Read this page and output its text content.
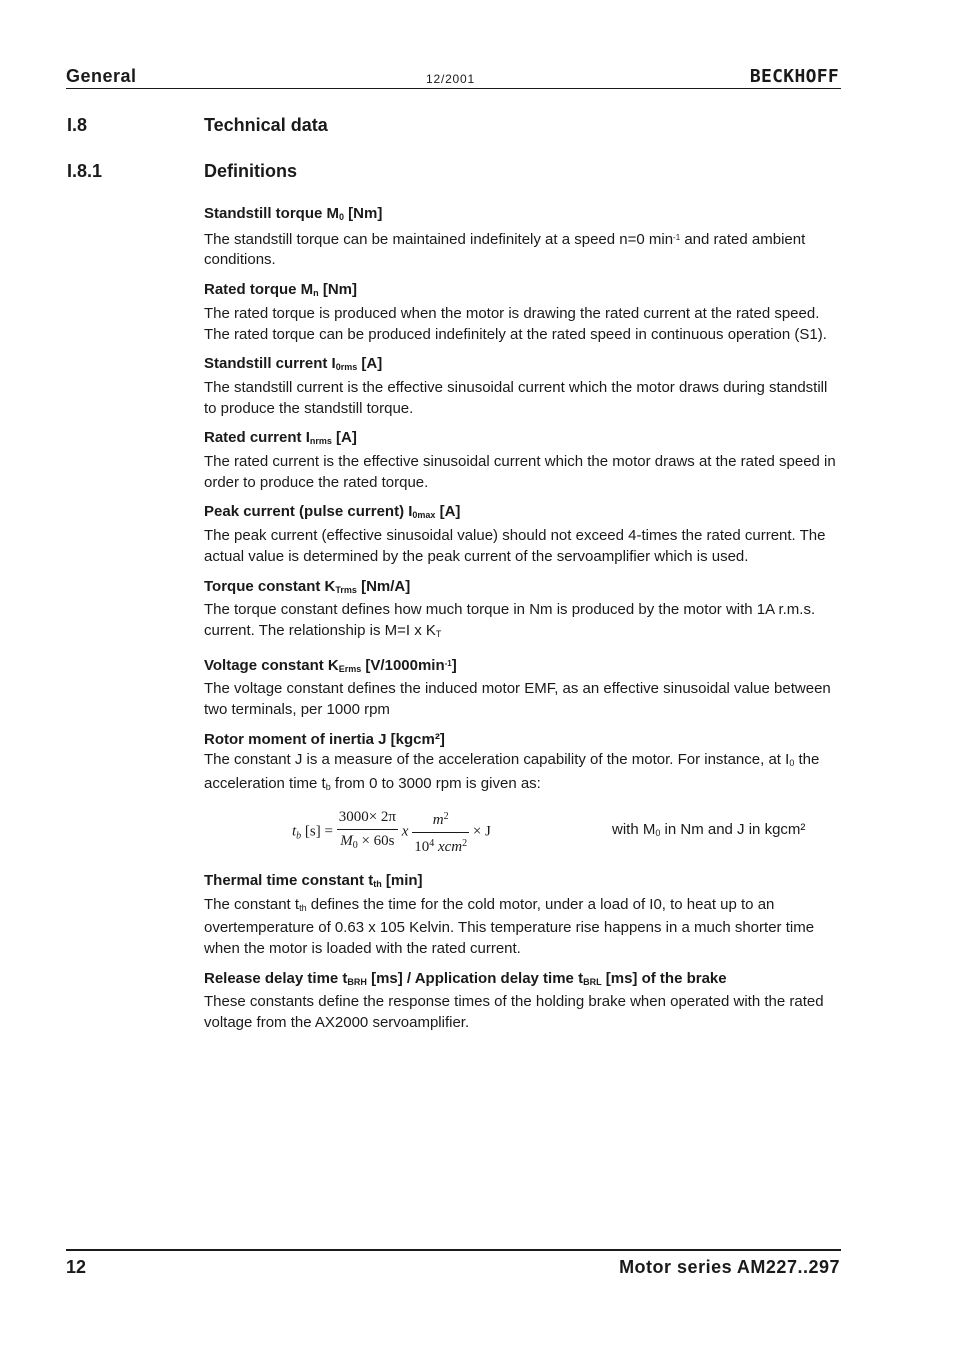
General	12/2001	BECKHOFF
I.8	Technical data
I.8.1	Definitions
Standstill torque $M_0$ [Nm]
The standstill torque can be maintained indefinitely at a speed n=0 $\min^{-1}$ and rated ambient conditions.
Rated torque $M_n$ [Nm]
The rated torque is produced when the motor is drawing the rated current at the rated speed. The rated torque can be produced indefinitely at the rated speed in continuous operation (S1).
Standstill current $I_{0rms}$ [A]
The standstill current is the effective sinusoidal current which the motor draws during standstill to produce the standstill torque.
Rated current $I_{nrms}$ [A]
The rated current is the effective sinusoidal current which the motor draws at the rated speed in order to produce the rated torque.
Peak current (pulse current) $I_{0max}$ [A]
The peak current (effective sinusoidal value) should not exceed 4-times the rated current. The actual value is determined by the peak current of the servoamplifier which is used.
Torque constant $K_{Trms}$ [Nm/A]
The torque constant defines how much torque in Nm is produced by the motor with 1A r.m.s. current. The relationship is M=I x $K_T$
Voltage constant $K_{Erms}$ $[V/1000\min^{-1}]$
The voltage constant defines the induced motor EMF, as an effective sinusoidal value between two terminals, per 1000 rpm
Rotor moment of inertia J [kgcm²]
The constant J is a measure of the acceleration capability of the motor. For instance, at $I_0$ the acceleration time $t_b$ from 0 to 3000 rpm is given as:
$t_b$ $[s] = \frac{3000\times 2\pi}{M_0 \times 60s}$ x $\frac{m^2}{10^4 xcm^2} \times J$	with $M_0$ in Nm and J in kgcm²
Thermal time constant $t_{th}$ [min]
The constant $t_{th}$ defines the time for the cold motor, under a load of I0, to heat up to an overtemperature of 0.63 x 105 Kelvin. This temperature rise happens in a much shorter time when the motor is loaded with the rated current.
Release delay time $t_{BRH}$ [ms] / Application delay time $t_{BRL}$ [ms] of the brake
These constants define the response times of the holding brake when operated with the rated voltage from the AX2000 servoamplifier.
12	Motor series AM227..297
